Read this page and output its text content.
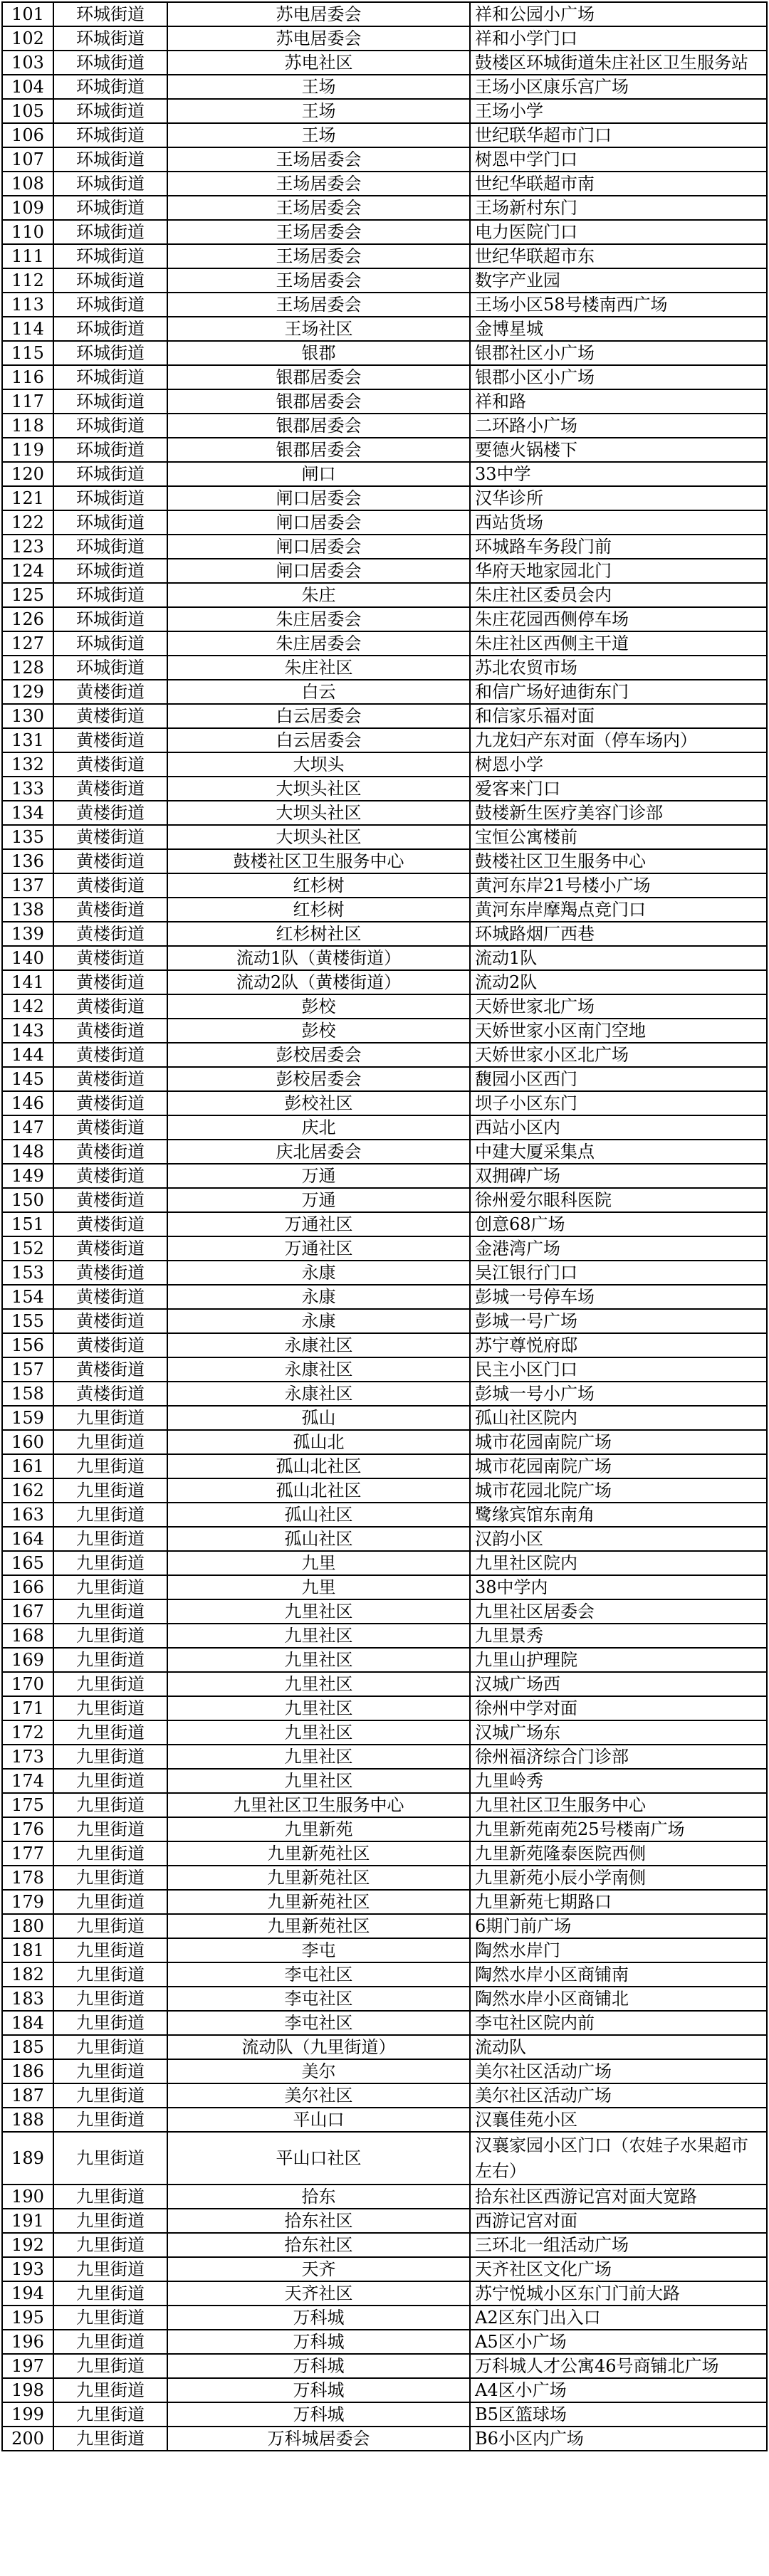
101	环城街道	苏电居委会	祥和公园小广场
102	环城街道	苏电居委会	祥和小学门口
103	环城街道	苏电社区	鼓楼区环城街道朱庄社区卫生服务站
104	环城街道	王场	王场小区康乐宫广场
105	环城街道	王场	王场小学
106	环城街道	王场	世纪联华超市门口
107	环城街道	王场居委会	树恩中学门口
108	环城街道	王场居委会	世纪华联超市南
109	环城街道	王场居委会	王场新村东门
110	环城街道	王场居委会	电力医院门口
111	环城街道	王场居委会	世纪华联超市东
112	环城街道	王场居委会	数字产业园
113	环城街道	王场居委会	王场小区58号楼南西广场
114	环城街道	王场社区	金博星城
115	环城街道	银郡	银郡社区小广场
116	环城街道	银郡居委会	银郡小区小广场
117	环城街道	银郡居委会	祥和路
118	环城街道	银郡居委会	二环路小广场
119	环城街道	银郡居委会	要德火锅楼下
120	环城街道	闸口	33中学
121	环城街道	闸口居委会	汉华诊所
122	环城街道	闸口居委会	西站货场
123	环城街道	闸口居委会	环城路车务段门前
124	环城街道	闸口居委会	华府天地家园北门
125	环城街道	朱庄	朱庄社区委员会内
126	环城街道	朱庄居委会	朱庄花园西侧停车场
127	环城街道	朱庄居委会	朱庄社区西侧主干道
128	环城街道	朱庄社区	苏北农贸市场
129	黄楼街道	白云	和信广场好迪街东门
130	黄楼街道	白云居委会	和信家乐福对面
131	黄楼街道	白云居委会	九龙妇产东对面（停车场内）
132	黄楼街道	大坝头	树恩小学
133	黄楼街道	大坝头社区	爱客来门口
134	黄楼街道	大坝头社区	鼓楼新生医疗美容门诊部
135	黄楼街道	大坝头社区	宝恒公寓楼前
136	黄楼街道	鼓楼社区卫生服务中心	鼓楼社区卫生服务中心
137	黄楼街道	红杉树	黄河东岸21号楼小广场
138	黄楼街道	红杉树	黄河东岸摩羯点竞门口
139	黄楼街道	红杉树社区	环城路烟厂西巷
140	黄楼街道	流动1队（黄楼街道）	流动1队
141	黄楼街道	流动2队（黄楼街道）	流动2队
142	黄楼街道	彭校	天娇世家北广场
143	黄楼街道	彭校	天娇世家小区南门空地
144	黄楼街道	彭校居委会	天娇世家小区北广场
145	黄楼街道	彭校居委会	馥园小区西门
146	黄楼街道	彭校社区	坝子小区东门
147	黄楼街道	庆北	西站小区内
148	黄楼街道	庆北居委会	中建大厦采集点
149	黄楼街道	万通	双拥碑广场
150	黄楼街道	万通	徐州爱尔眼科医院
151	黄楼街道	万通社区	创意68广场
152	黄楼街道	万通社区	金港湾广场
153	黄楼街道	永康	吴江银行门口
154	黄楼街道	永康	彭城一号停车场
155	黄楼街道	永康	彭城一号广场
156	黄楼街道	永康社区	苏宁尊悦府邸
157	黄楼街道	永康社区	民主小区门口
158	黄楼街道	永康社区	彭城一号小广场
159	九里街道	孤山	孤山社区院内
160	九里街道	孤山北	城市花园南院广场
161	九里街道	孤山北社区	城市花园南院广场
162	九里街道	孤山北社区	城市花园北院广场
163	九里街道	孤山社区	鹭缘宾馆东南角
164	九里街道	孤山社区	汉韵小区
165	九里街道	九里	九里社区院内
166	九里街道	九里	38中学内
167	九里街道	九里社区	九里社区居委会
168	九里街道	九里社区	九里景秀
169	九里街道	九里社区	九里山护理院
170	九里街道	九里社区	汉城广场西
171	九里街道	九里社区	徐州中学对面
172	九里街道	九里社区	汉城广场东
173	九里街道	九里社区	徐州福济综合门诊部
174	九里街道	九里社区	九里岭秀
175	九里街道	九里社区卫生服务中心	九里社区卫生服务中心
176	九里街道	九里新苑	九里新苑南苑25号楼南广场
177	九里街道	九里新苑社区	九里新苑隆泰医院西侧
178	九里街道	九里新苑社区	九里新苑小辰小学南侧
179	九里街道	九里新苑社区	九里新苑七期路口
180	九里街道	九里新苑社区	6期门前广场
181	九里街道	李屯	陶然水岸门
182	九里街道	李屯社区	陶然水岸小区商铺南
183	九里街道	李屯社区	陶然水岸小区商铺北
184	九里街道	李屯社区	李屯社区院内前
185	九里街道	流动队（九里街道）	流动队
186	九里街道	美尔	美尔社区活动广场
187	九里街道	美尔社区	美尔社区活动广场
188	九里街道	平山口	汉襄佳苑小区
189	九里街道	平山口社区	汉襄家园小区门口（农娃子水果超市左右）
190	九里街道	拾东	拾东社区西游记宫对面大宽路
191	九里街道	拾东社区	西游记宫对面
192	九里街道	拾东社区	三环北一组活动广场
193	九里街道	天齐	天齐社区文化广场
194	九里街道	天齐社区	苏宁悦城小区东门门前大路
195	九里街道	万科城	A2区东门出入口
196	九里街道	万科城	A5区小广场
197	九里街道	万科城	万科城人才公寓46号商铺北广场
198	九里街道	万科城	A4区小广场
199	九里街道	万科城	B5区篮球场
200	九里街道	万科城居委会	B6小区内广场
